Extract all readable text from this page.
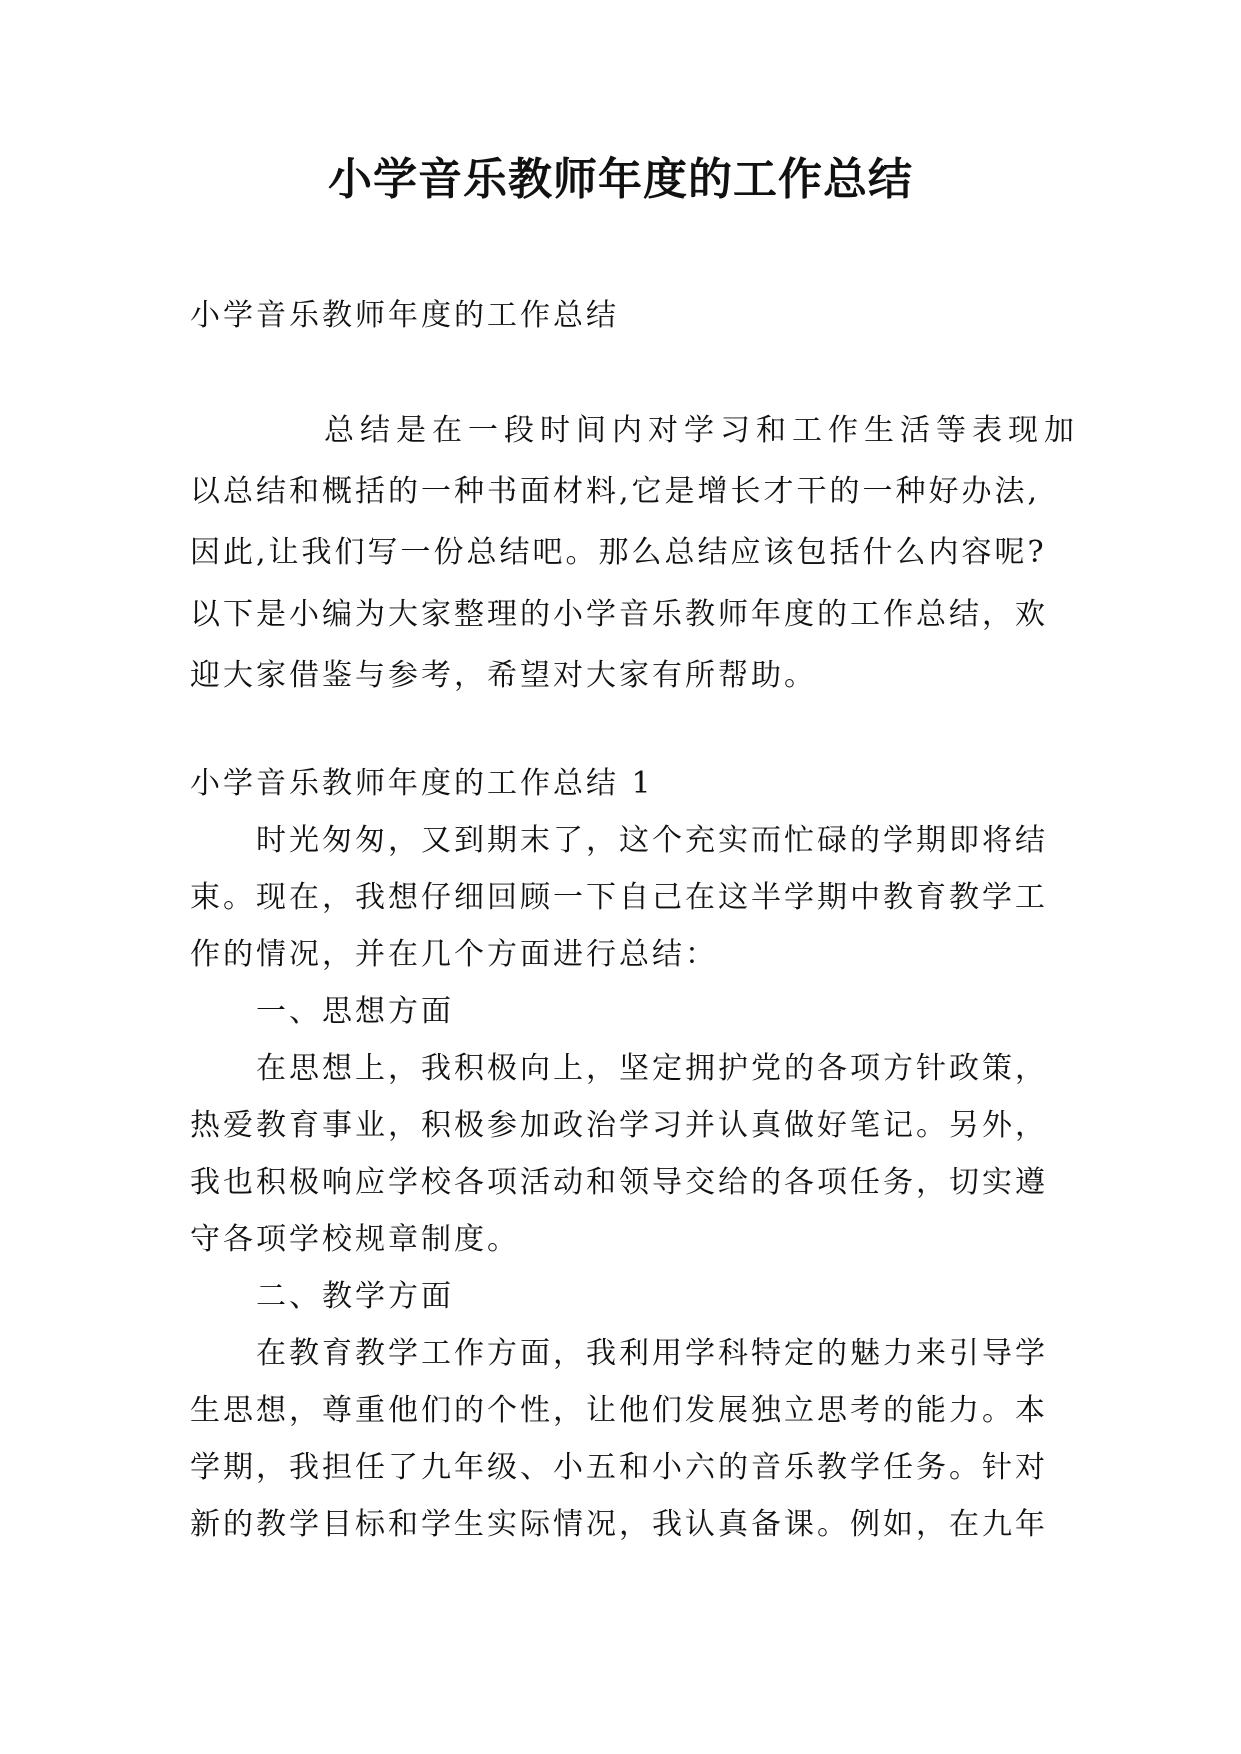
小学音乐教师年度的工作总结
小学音乐教师年度的工作总结
总结是在一段时间内对学习和工作生活等表现加
以总结和概括的一种书面材料,它是增长才干的一种好办法,
因此,让我们写一份总结吧。那么总结应该包括什么内容呢?
以下是小编为大家整理的小学音乐教师年度的工作总结，欢
迎大家借鉴与参考，希望对大家有所帮助。
小学音乐教师年度的工作总结 1
时光匆匆，又到期末了，这个充实而忙碌的学期即将结
束。现在，我想仔细回顾一下自己在这半学期中教育教学工
作的情况，并在几个方面进行总结：
一、思想方面
在思想上，我积极向上，坚定拥护党的各项方针政策，
热爱教育事业，积极参加政治学习并认真做好笔记。另外，
我也积极响应学校各项活动和领导交给的各项任务，切实遵
守各项学校规章制度。
二、教学方面
在教育教学工作方面，我利用学科特定的魅力来引导学
生思想，尊重他们的个性，让他们发展独立思考的能力。本
学期，我担任了九年级、小五和小六的音乐教学任务。针对
新的教学目标和学生实际情况，我认真备课。例如，在九年
